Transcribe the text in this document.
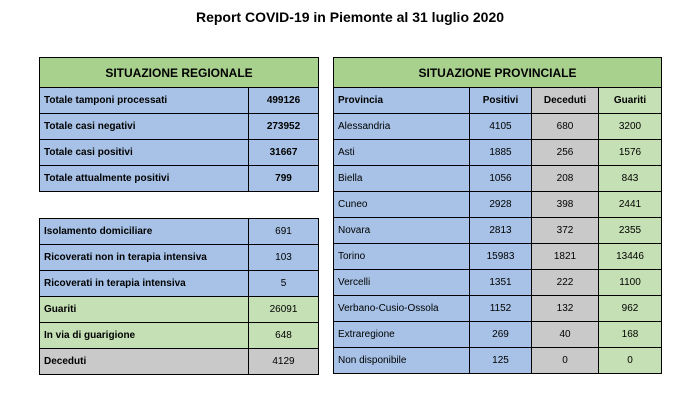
Report COVID-19 in Piemonte al 31 luglio 2020
SITUAZIONE REGIONALE	
Totale tamponi processati	499126
Totale casi negativi	273952
Totale casi positivi	31667
Totale attualmente positivi	799
Isolamento domiciliare	691
Ricoverati non in terapia intensiva	103
Ricoverati in terapia intensiva	5
Guariti	26091
In via di guarigione	648
Deceduti	4129
SITUAZIONE PROVINCIALE			
Provincia	Positivi	Deceduti	Guariti
Alessandria	4105	680	3200
Asti	1885	256	1576
Biella	1056	208	843
Cuneo	2928	398	2441
Novara	2813	372	2355
Torino	15983	1821	13446
Vercelli	1351	222	1100
Verbano-Cusio-Ossola	1152	132	962
Extraregione	269	40	168
Non disponibile	125	0	0
